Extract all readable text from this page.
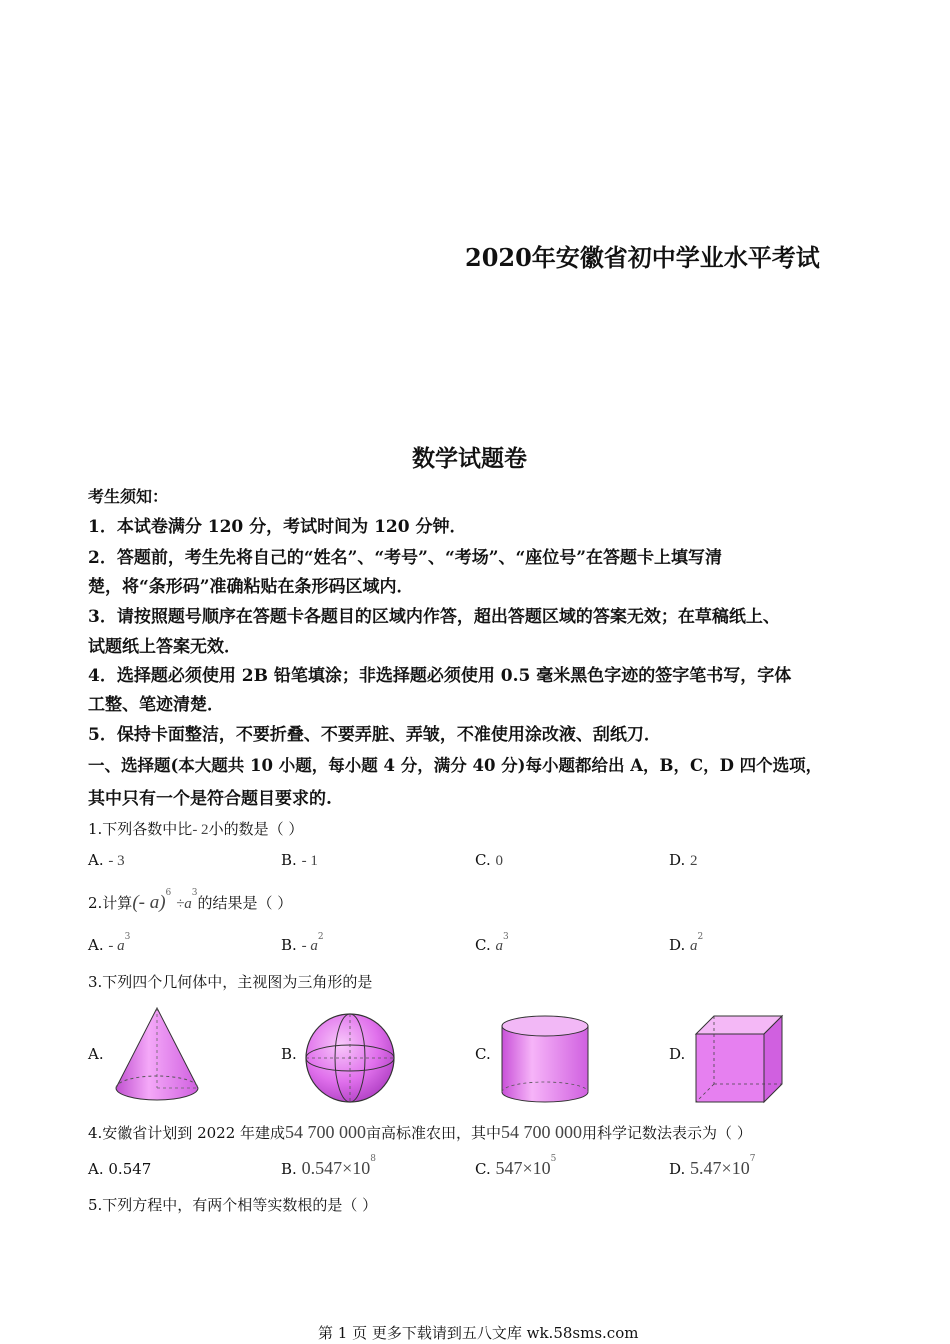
2020年安徽省初中学业水平考试
数学试题卷
考生须知：
1．本试卷满分 120 分，考试时间为 120 分钟．
2．答题前，考生先将自己的“姓名”、“考号”、“考场”、“座位号”在答题卡上填写清
楚，将“条形码”准确粘贴在条形码区域内．
3．请按照题号顺序在答题卡各题目的区域内作答，超出答题区域的答案无效；在草稿纸上、
试题纸上答案无效．
4．选择题必须使用 2B 铅笔填涂；非选择题必须使用 0.5 毫米黑色字迹的签字笔书写，字体
工整、笔迹清楚．
5．保持卡面整洁，不要折叠、不要弄脏、弄皱，不准使用涂改液、刮纸刀．
一、选择题(本大题共 10 小题，每小题 4 分，满分 40 分)每小题都给出 A，B，C，D 四个选项，
其中只有一个是符合题目要求的.
1.下列各数中比- 2小的数是（ ）
A. - 3	B. - 1	C. 0	D. 2
2.计算(- $a)^6 \div a^3$的结果是（ ）
A. - $a^3$	B. - $a^2$	C. $a^3$	D. $a^2$
3.下列四个几何体中，主视图为三角形的是
A.	B.	C.	D.
4.安徽省计划到 2022 年建成54 700 000亩高标准农田，其中54 700 000用科学记数法表示为（ ）
A. 0.547	B. $0.547\times 10^8$
C. $547\times 10^5$
D. $5.47\times 10^7$
5.下列方程中，有两个相等实数根的是（ ）
第 1 页 更多下载请到五八文库 wk.58sms.com
